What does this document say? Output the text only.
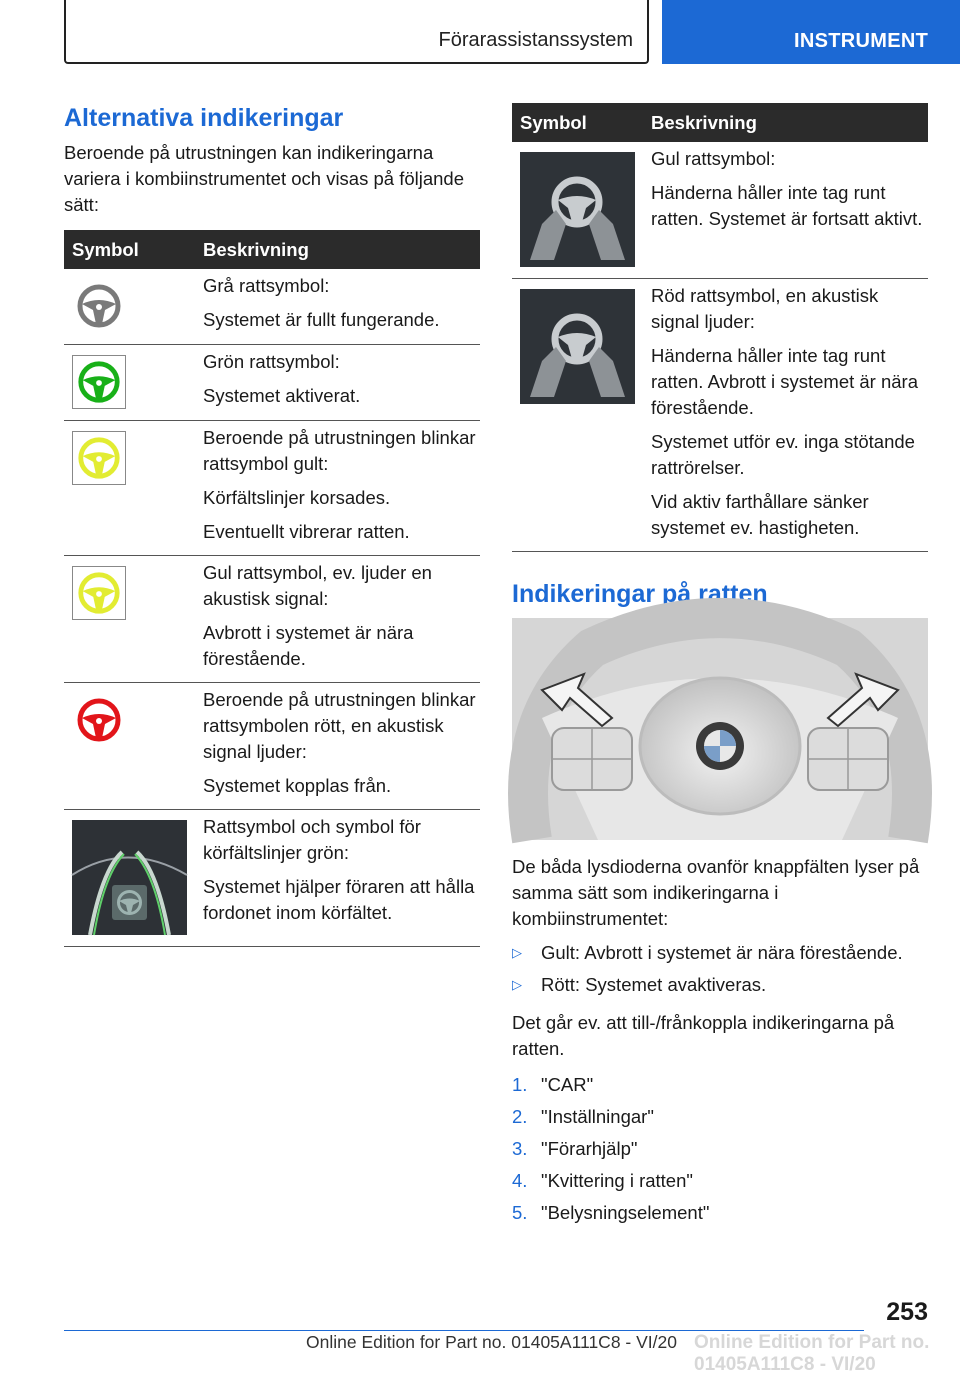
Förarassistanssystem	INSTRUMENT
Alternativa indikeringar

Beroende på utrustningen kan indikeringarna variera i kombiinstrumentet och visas på följande sätt:

Symbol	Beskrivning

Grå rattsymbol:
Systemet är fullt fungerande.

Grön rattsymbol:
Systemet aktiverat.

Beroende på utrustningen blinkar rattsymbol gult:
Körfältslinjer korsades.
Eventuellt vibrerar ratten.

Gul rattsymbol, ev. ljuder en akustisk signal:
Avbrott i systemet är nära förestående.

Beroende på utrustningen blinkar rattsymbolen rött, en akustisk signal ljuder:
Systemet kopplas från.

Rattsymbol och symbol för körfältslinjer grön:
Systemet hjälper föraren att hålla fordonet inom körfältet.
Symbol	Beskrivning

Gul rattsymbol:
Händerna håller inte tag runt ratten. Systemet är fortsatt aktivt.

Röd rattsymbol, en akustisk signal ljuder:
Händerna håller inte tag runt ratten. Avbrott i systemet är nära förestående.
Systemet utför ev. inga stötande rattrörelser.
Vid aktiv farthållare sänker systemet ev. hastigheten.
Indikeringar på ratten

De båda lysdioderna ovanför knappfälten lyser på samma sätt som indikeringarna i kombiinstrumentet:

▷ Gult: Avbrott i systemet är nära förestående.
▷ Rött: Systemet avaktiveras.

Det går ev. att till-/frånkoppla indikeringarna på ratten.

1. "CAR"
2. "Inställningar"
3. "Förarhjälp"
4. "Kvittering i ratten"
5. "Belysningselement"
253
Online Edition for Part no. 01405A111C8 - VI/20 Online Edition for Part no. 01405A111C8 - VI/20
